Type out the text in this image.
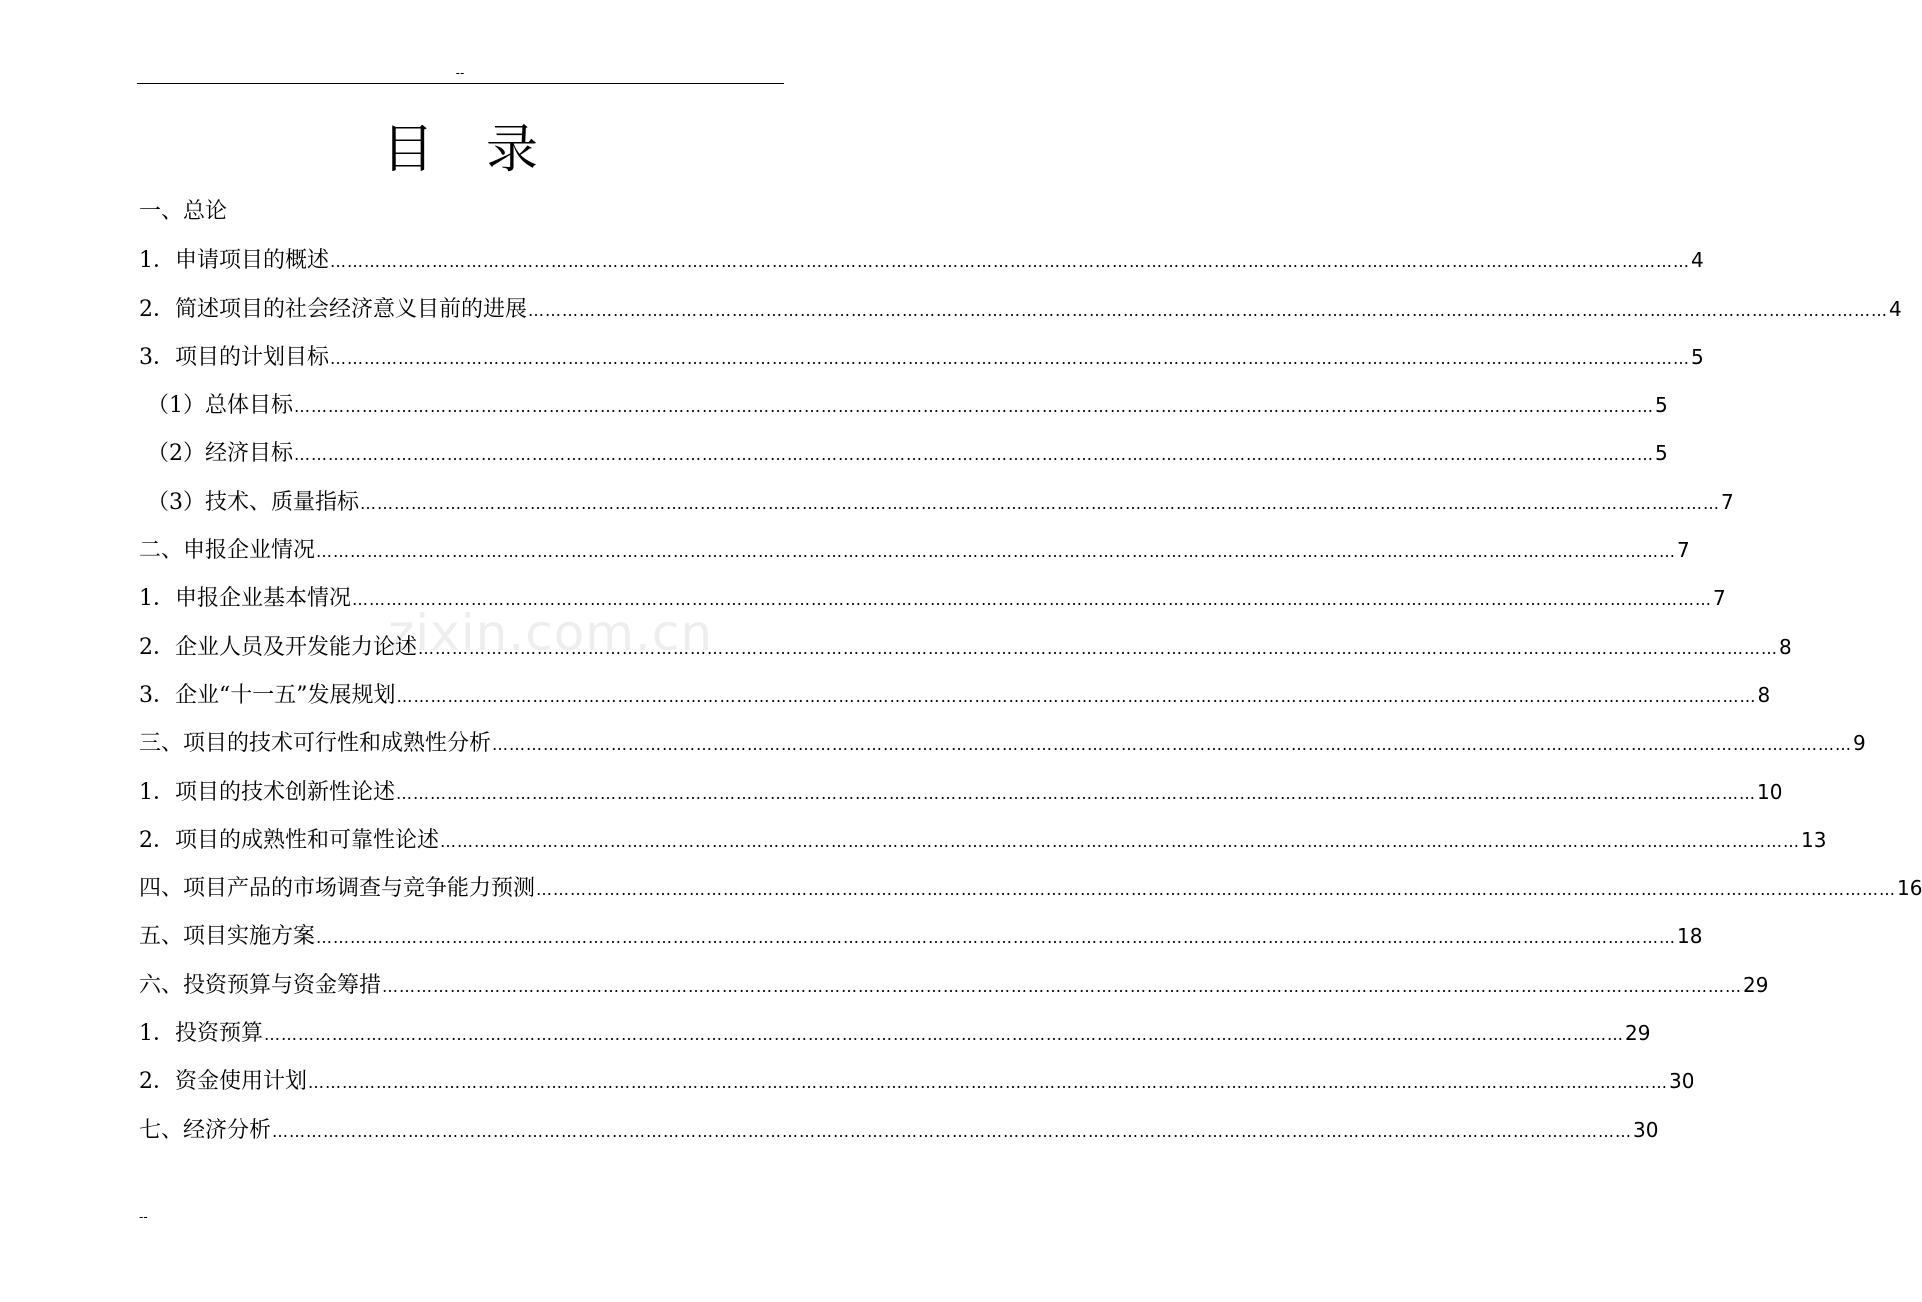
--
目录
zixin.com.cn
一、总论
1．申请项目的概述 …………………………………………………………………………………………………………………………………………………………………………………………………………………… 4
2．简述项目的社会经济意义目前的进展 …………………………………………………………………………………………………………………………………………………………………………………………………………………… 4
3．项目的计划目标 …………………………………………………………………………………………………………………………………………………………………………………………………………………… 5
（1）总体目标 …………………………………………………………………………………………………………………………………………………………………………………………………………………… 5
（2）经济目标 …………………………………………………………………………………………………………………………………………………………………………………………………………………… 5
（3）技术、质量指标 …………………………………………………………………………………………………………………………………………………………………………………………………………………… 7
二、申报企业情况 …………………………………………………………………………………………………………………………………………………………………………………………………………………… 7
1．申报企业基本情况 …………………………………………………………………………………………………………………………………………………………………………………………………………………… 7
2．企业人员及开发能力论述 …………………………………………………………………………………………………………………………………………………………………………………………………………………… 8
3．企业“十一五”发展规划 …………………………………………………………………………………………………………………………………………………………………………………………………………………… 8
三、项目的技术可行性和成熟性分析 …………………………………………………………………………………………………………………………………………………………………………………………………………………… 9
1．项目的技术创新性论述 …………………………………………………………………………………………………………………………………………………………………………………………………………………… 10
2．项目的成熟性和可靠性论述 …………………………………………………………………………………………………………………………………………………………………………………………………………………… 13
四、项目产品的市场调查与竞争能力预测 …………………………………………………………………………………………………………………………………………………………………………………………………………………… 16
五、项目实施方案 …………………………………………………………………………………………………………………………………………………………………………………………………………………… 18
六、投资预算与资金筹措 …………………………………………………………………………………………………………………………………………………………………………………………………………………… 29
1．投资预算 …………………………………………………………………………………………………………………………………………………………………………………………………………………… 29
2．资金使用计划 …………………………………………………………………………………………………………………………………………………………………………………………………………………… 30
七、经济分析 …………………………………………………………………………………………………………………………………………………………………………………………………………………… 30
--
